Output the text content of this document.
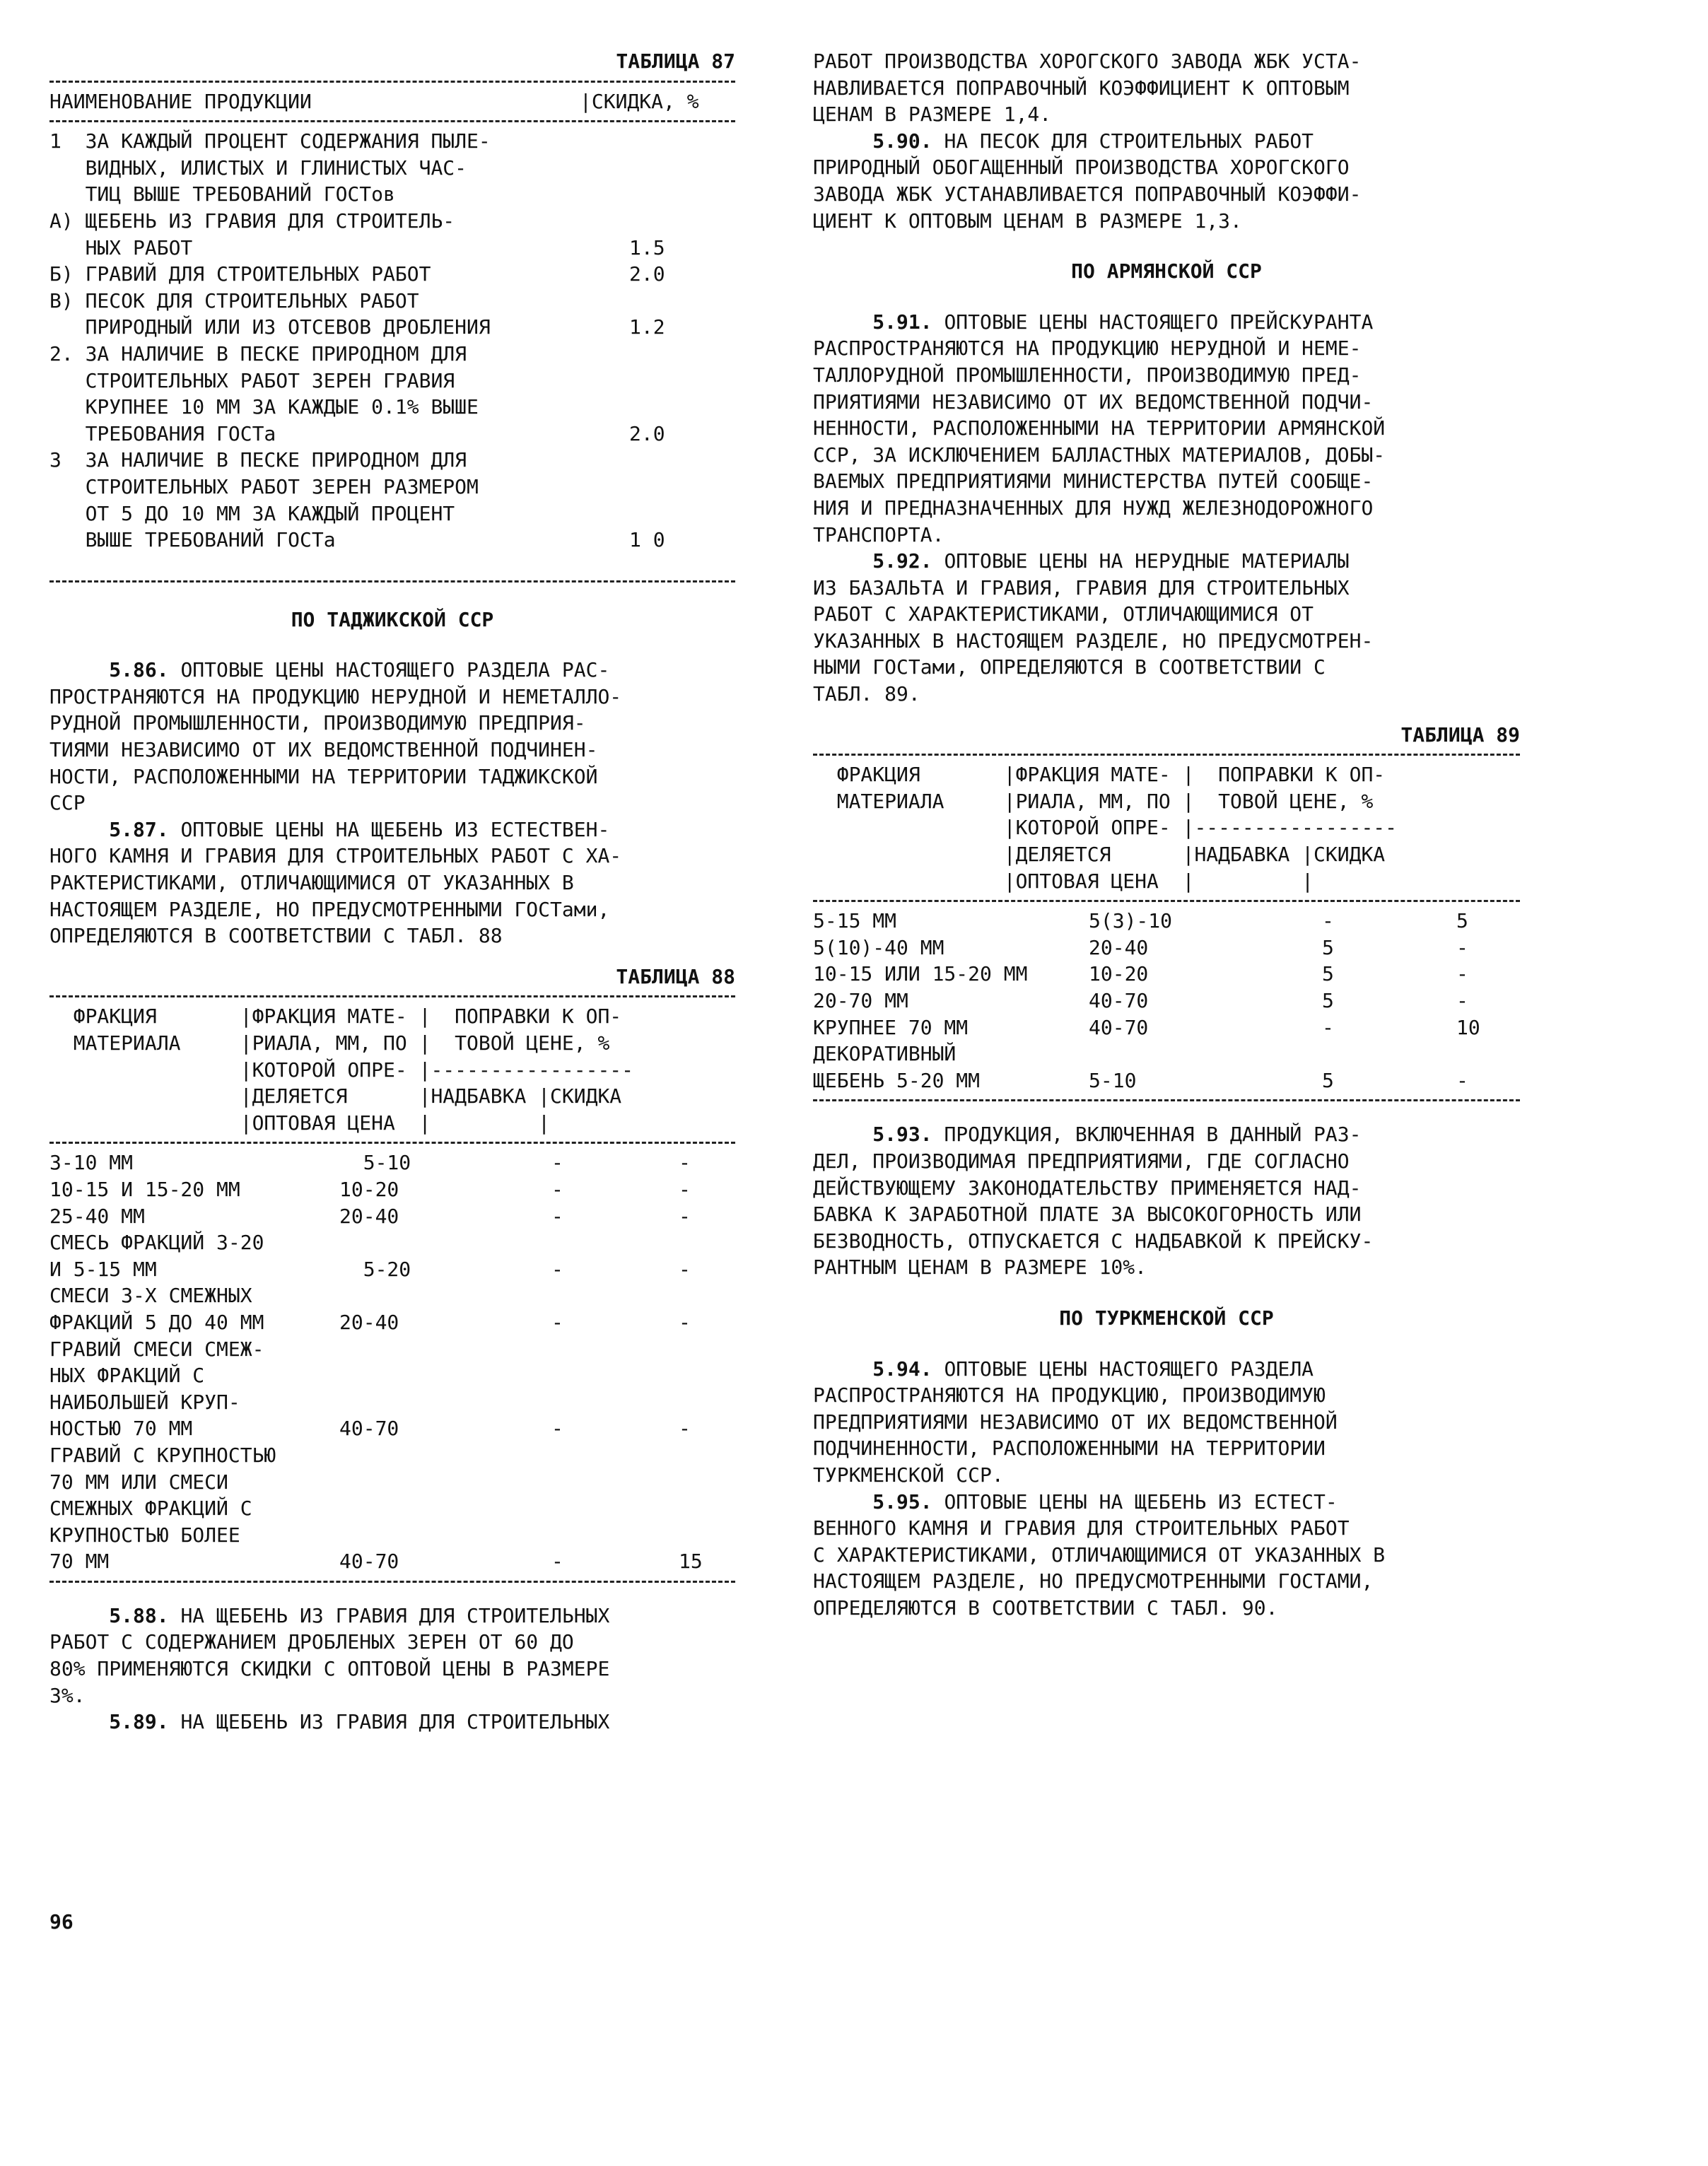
ТАБЛИЦА 87
НАИМЕНОВАНИЕ ПРОДУКЦИИ	|СКИДКА, %
1  ЗА КАЖДЫЙ ПРОЦЕНТ СОДЕРЖАНИЯ ПЫЛЕ-
ВИДНЫХ, ИЛИСТЫХ И ГЛИНИСТЫХ ЧАС-
ТИЦ ВЫШЕ ТРЕБОВАНИЙ ГОСТов
А) ЩЕБЕНЬ ИЗ ГРАВИЯ ДЛЯ СТРОИТЕЛЬ-
НЫХ РАБОТ	1.5
Б) ГРАВИЙ ДЛЯ СТРОИТЕЛЬНЫХ РАБОТ	2.0
В) ПЕСОК ДЛЯ СТРОИТЕЛЬНЫХ РАБОТ
ПРИРОДНЫЙ ИЛИ ИЗ ОТСЕВОВ ДРОБЛЕНИЯ	1.2
2. ЗА НАЛИЧИЕ В ПЕСКЕ ПРИРОДНОМ ДЛЯ
СТРОИТЕЛЬНЫХ РАБОТ ЗЕРЕН ГРАВИЯ
КРУПНЕЕ 10 ММ ЗА КАЖДЫЕ 0.1% ВЫШЕ
ТРЕБОВАНИЯ ГОСТа	2.0
3  ЗА НАЛИЧИЕ В ПЕСКЕ ПРИРОДНОМ ДЛЯ
СТРОИТЕЛЬНЫХ РАБОТ ЗЕРЕН РАЗМЕРОМ
ОТ 5 ДО 10 ММ ЗА КАЖДЫЙ ПРОЦЕНТ
ВЫШЕ ТРЕБОВАНИЙ ГОСТа	1 0
ПО ТАДЖИКСКОЙ ССР
5.86. ОПТОВЫЕ ЦЕНЫ НАСТОЯЩЕГО РАЗДЕЛА РАС-
ПРОСТРАНЯЮТСЯ НА ПРОДУКЦИЮ НЕРУДНОЙ И НЕМЕТАЛЛО-
РУДНОЙ ПРОМЫШЛЕННОСТИ, ПРОИЗВОДИМУЮ ПРЕДПРИЯ-
ТИЯМИ НЕЗАВИСИМО ОТ ИХ ВЕДОМСТВЕННОЙ ПОДЧИНЕН-
НОСТИ, РАСПОЛОЖЕННЫМИ НА ТЕРРИТОРИИ ТАДЖИКСКОЙ
ССР
5.87. ОПТОВЫЕ ЦЕНЫ НА ЩЕБЕНЬ ИЗ ЕСТЕСТВЕН-
НОГО КАМНЯ И ГРАВИЯ ДЛЯ СТРОИТЕЛЬНЫХ РАБОТ С ХА-
РАКТЕРИСТИКАМИ, ОТЛИЧАЮЩИМИСЯ ОТ УКАЗАННЫХ В
НАСТОЯЩЕМ РАЗДЕЛЕ, НО ПРЕДУСМОТРЕННЫМИ ГОСТами,
ОПРЕДЕЛЯЮТСЯ В СООТВЕТСТВИИ С ТАБЛ. 88
ТАБЛИЦА 88
ФРАКЦИЯ       |ФРАКЦИЯ МАТЕ- |  ПОПРАВКИ К ОП-
МАТЕРИАЛА     |РИАЛА, ММ, ПО |  ТОВОЙ ЦЕНЕ, %
|КОТОРОЙ ОПРЕ- |-----------------
|ДЕЛЯЕТСЯ      |НАДБАВКА |СКИДКА
|ОПТОВАЯ ЦЕНА  |         |
3-10 ММ	5-10	-	-
10-15 И 15-20 ММ	10-20	-	-
25-40 ММ	20-40	-	-
СМЕСЬ ФРАКЦИЙ 3-20
И 5-15 ММ	5-20	-	-
СМЕСИ 3-Х СМЕЖНЫХ
ФРАКЦИЙ 5 ДО 40 ММ	20-40	-	-
ГРАВИЙ СМЕСИ СМЕЖ-
НЫХ ФРАКЦИЙ С
НАИБОЛЬШЕЙ КРУП-
НОСТЬЮ 70 ММ	40-70	-	-
ГРАВИЙ С КРУПНОСТЬЮ
70 ММ ИЛИ СМЕСИ
СМЕЖНЫХ ФРАКЦИЙ С
КРУПНОСТЬЮ БОЛЕЕ
70 ММ	40-70	-	15
5.88. НА ЩЕБЕНЬ ИЗ ГРАВИЯ ДЛЯ СТРОИТЕЛЬНЫХ
РАБОТ С СОДЕРЖАНИЕМ ДРОБЛЕНЫХ ЗЕРЕН ОТ 60 ДО
80% ПРИМЕНЯЮТСЯ СКИДКИ С ОПТОВОЙ ЦЕНЫ В РАЗМЕРЕ
3%.
5.89. НА ЩЕБЕНЬ ИЗ ГРАВИЯ ДЛЯ СТРОИТЕЛЬНЫХ
РАБОТ ПРОИЗВОДСТВА ХОРОГСКОГО ЗАВОДА ЖБК УСТА-
НАВЛИВАЕТСЯ ПОПРАВОЧНЫЙ КОЭФФИЦИЕНТ К ОПТОВЫМ
ЦЕНАМ В РАЗМЕРЕ 1,4.
5.90. НА ПЕСОК ДЛЯ СТРОИТЕЛЬНЫХ РАБОТ
ПРИРОДНЫЙ ОБОГАЩЕННЫЙ ПРОИЗВОДСТВА ХОРОГСКОГО
ЗАВОДА ЖБК УСТАНАВЛИВАЕТСЯ ПОПРАВОЧНЫЙ КОЭФФИ-
ЦИЕНТ К ОПТОВЫМ ЦЕНАМ В РАЗМЕРЕ 1,3.
ПО АРМЯНСКОЙ ССР
5.91. ОПТОВЫЕ ЦЕНЫ НАСТОЯЩЕГО ПРЕЙСКУРАНТА
РАСПРОСТРАНЯЮТСЯ НА ПРОДУКЦИЮ НЕРУДНОЙ И НЕМЕ-
ТАЛЛОРУДНОЙ ПРОМЫШЛЕННОСТИ, ПРОИЗВОДИМУЮ ПРЕД-
ПРИЯТИЯМИ НЕЗАВИСИМО ОТ ИХ ВЕДОМСТВЕННОЙ ПОДЧИ-
НЕННОСТИ, РАСПОЛОЖЕННЫМИ НА ТЕРРИТОРИИ АРМЯНСКОЙ
ССР, ЗА ИСКЛЮЧЕНИЕМ БАЛЛАСТНЫХ МАТЕРИАЛОВ, ДОБЫ-
ВАЕМЫХ ПРЕДПРИЯТИЯМИ МИНИСТЕРСТВА ПУТЕЙ СООБЩЕ-
НИЯ И ПРЕДНАЗНАЧЕННЫХ ДЛЯ НУЖД ЖЕЛЕЗНОДОРОЖНОГО
ТРАНСПОРТА.
5.92. ОПТОВЫЕ ЦЕНЫ НА НЕРУДНЫЕ МАТЕРИАЛЫ
ИЗ БАЗАЛЬТА И ГРАВИЯ, ГРАВИЯ ДЛЯ СТРОИТЕЛЬНЫХ
РАБОТ С ХАРАКТЕРИСТИКАМИ, ОТЛИЧАЮЩИМИСЯ ОТ
УКАЗАННЫХ В НАСТОЯЩЕМ РАЗДЕЛЕ, НО ПРЕДУСМОТРЕН-
НЫМИ ГОСТами, ОПРЕДЕЛЯЮТСЯ В СООТВЕТСТВИИ С
ТАБЛ. 89.
ТАБЛИЦА 89
ФРАКЦИЯ       |ФРАКЦИЯ МАТЕ- |  ПОПРАВКИ К ОП-
МАТЕРИАЛА     |РИАЛА, ММ, ПО |  ТОВОЙ ЦЕНЕ, %
|КОТОРОЙ ОПРЕ- |-----------------
|ДЕЛЯЕТСЯ      |НАДБАВКА |СКИДКА
|ОПТОВАЯ ЦЕНА  |         |
5-15 ММ	5(3)-10	-	5
5(10)-40 ММ	20-40	5	-
10-15 ИЛИ 15-20 ММ	10-20	5	-
20-70 ММ	40-70	5	-
КРУПНЕЕ 70 ММ	40-70	-	10
ДЕКОРАТИВНЫЙ
ЩЕБЕНЬ 5-20 ММ	5-10	5	-
5.93. ПРОДУКЦИЯ, ВКЛЮЧЕННАЯ В ДАННЫЙ РАЗ-
ДЕЛ, ПРОИЗВОДИМАЯ ПРЕДПРИЯТИЯМИ, ГДЕ СОГЛАСНО
ДЕЙСТВУЮЩЕМУ ЗАКОНОДАТЕЛЬСТВУ ПРИМЕНЯЕТСЯ НАД-
БАВКА К ЗАРАБОТНОЙ ПЛАТЕ ЗА ВЫСОКОГОРНОСТЬ ИЛИ
БЕЗВОДНОСТЬ, ОТПУСКАЕТСЯ С НАДБАВКОЙ К ПРЕЙСКУ-
РАНТНЫМ ЦЕНАМ В РАЗМЕРЕ 10%.
ПО ТУРКМЕНСКОЙ ССР
5.94. ОПТОВЫЕ ЦЕНЫ НАСТОЯЩЕГО РАЗДЕЛА
РАСПРОСТРАНЯЮТСЯ НА ПРОДУКЦИЮ, ПРОИЗВОДИМУЮ
ПРЕДПРИЯТИЯМИ НЕЗАВИСИМО ОТ ИХ ВЕДОМСТВЕННОЙ
ПОДЧИНЕННОСТИ, РАСПОЛОЖЕННЫМИ НА ТЕРРИТОРИИ
ТУРКМЕНСКОЙ ССР.
5.95. ОПТОВЫЕ ЦЕНЫ НА ЩЕБЕНЬ ИЗ ЕСТЕСТ-
ВЕННОГО КАМНЯ И ГРАВИЯ ДЛЯ СТРОИТЕЛЬНЫХ РАБОТ
С ХАРАКТЕРИСТИКАМИ, ОТЛИЧАЮЩИМИСЯ ОТ УКАЗАННЫХ В
НАСТОЯЩЕМ РАЗДЕЛЕ, НО ПРЕДУСМОТРЕННЫМИ ГОСТАМИ,
ОПРЕДЕЛЯЮТСЯ В СООТВЕТСТВИИ С ТАБЛ. 90.
96
